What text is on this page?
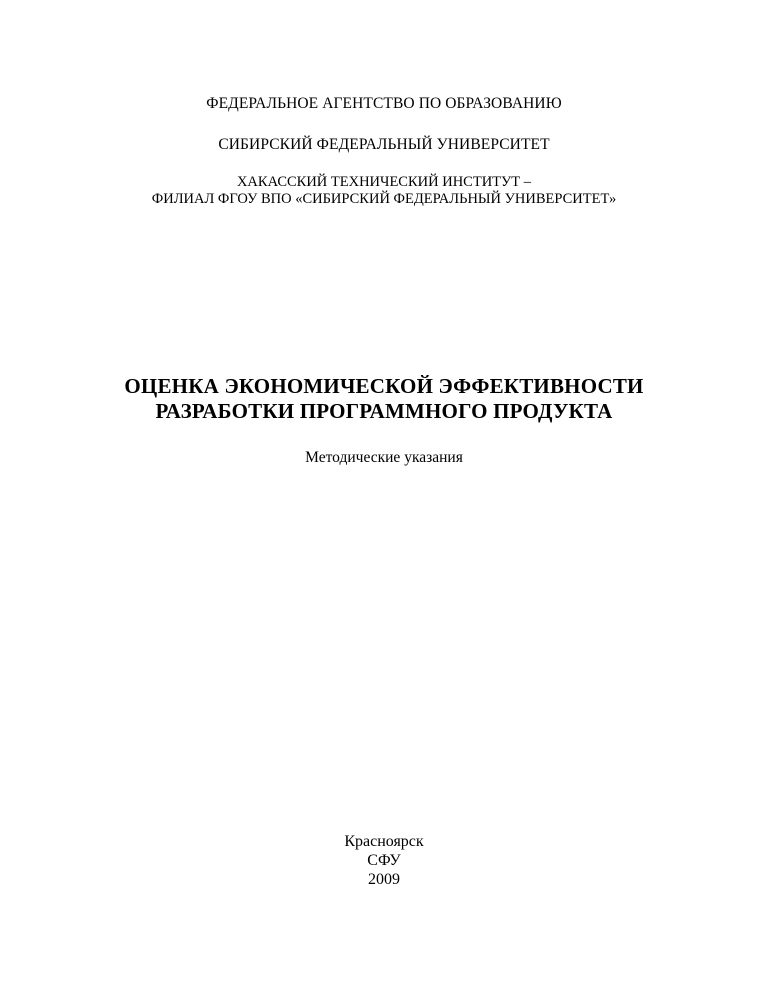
ФЕДЕРАЛЬНОЕ АГЕНТСТВО ПО ОБРАЗОВАНИЮ
СИБИРСКИЙ ФЕДЕРАЛЬНЫЙ УНИВЕРСИТЕТ
ХАКАССКИЙ ТЕХНИЧЕСКИЙ ИНСТИТУТ –
ФИЛИАЛ ФГОУ ВПО «СИБИРСКИЙ ФЕДЕРАЛЬНЫЙ УНИВЕРСИТЕТ»
ОЦЕНКА ЭКОНОМИЧЕСКОЙ ЭФФЕКТИВНОСТИ
РАЗРАБОТКИ ПРОГРАММНОГО ПРОДУКТА
Методические указания
Красноярск
СФУ
2009
